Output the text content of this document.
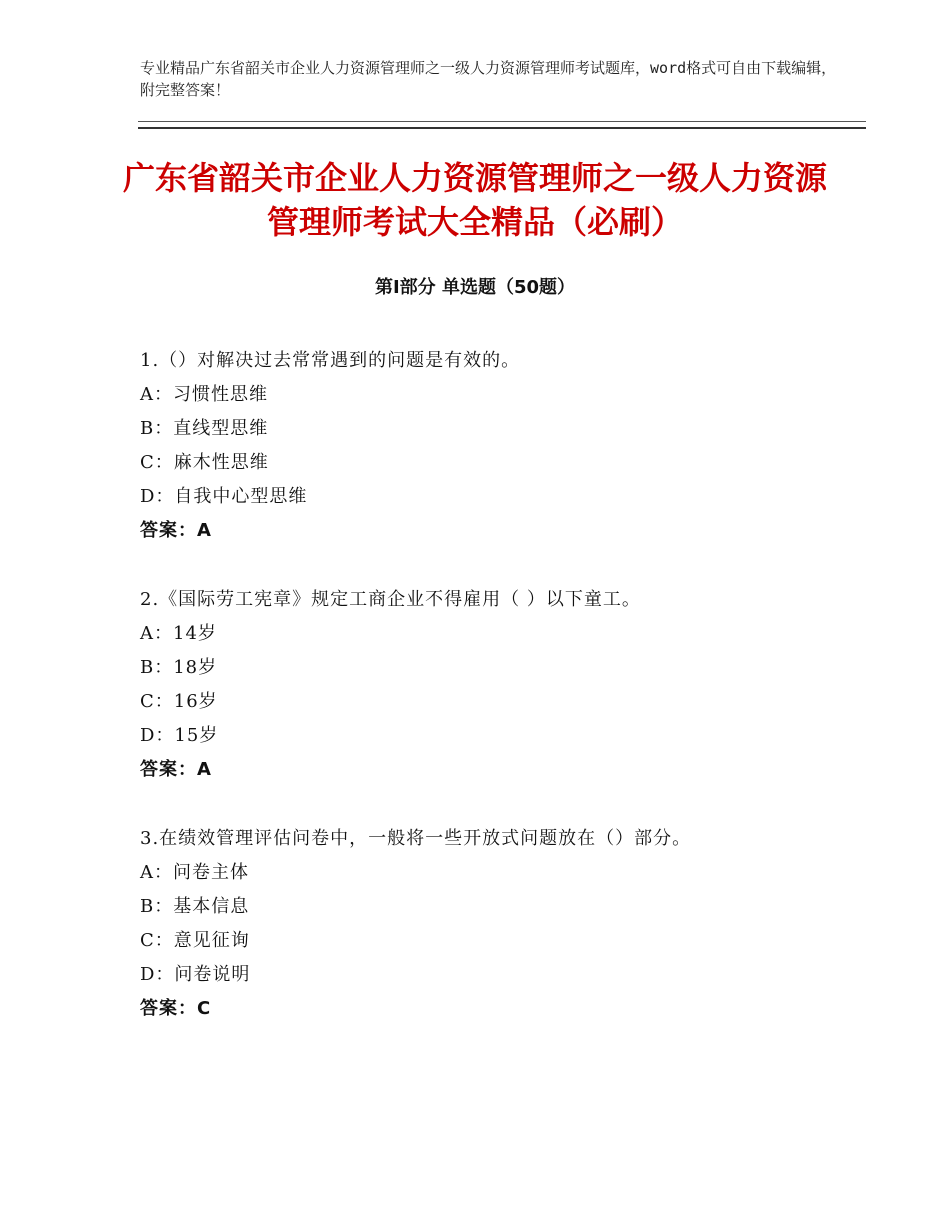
专业精品广东省韶关市企业人力资源管理师之一级人力资源管理师考试题库，word格式可自由下载编辑，附完整答案！
广东省韶关市企业人力资源管理师之一级人力资源管理师考试大全精品（必刷）
第Ⅰ部分 单选题（50题）
1.（）对解决过去常常遇到的问题是有效的。
A：习惯性思维
B：直线型思维
C：麻木性思维
D：自我中心型思维
答案：A
2.《国际劳工宪章》规定工商企业不得雇用（ ）以下童工。
A：14岁
B：18岁
C：16岁
D：15岁
答案：A
3.在绩效管理评估问卷中，一般将一些开放式问题放在（）部分。
A：问卷主体
B：基本信息
C：意见征询
D：问卷说明
答案：C
